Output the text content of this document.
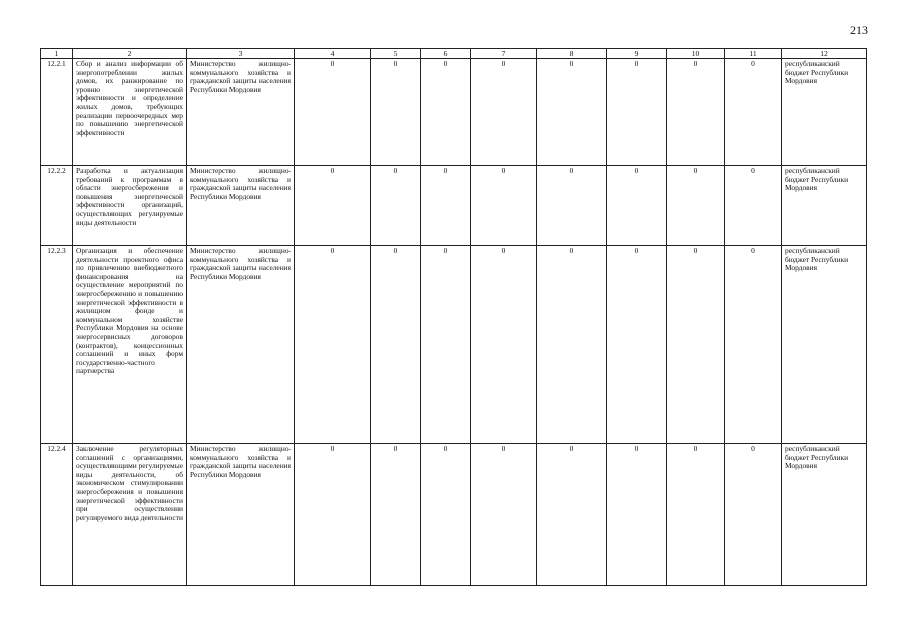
213
1	2	3	4	5	6	7	8	9	10	11	12
12.2.1	Сбор и анализ информации об энергопотреблении жилых домов, их ранжирование по уровню энергетической эффективности и определение жилых домов, требующих реализации первоочередных мер по повышению энергетической эффективности	Министерство жилищно-коммунального хозяйства и гражданской защиты населения Республики Мордовия	0	0	0	0	0	0	0	0	республиканский бюджет Республики Мордовия
12.2.2	Разработка и актуализация требований к программам в области энергосбережения и повышения энергетической эффективности организаций, осуществляющих регулируемые виды деятельности	Министерство жилищно-коммунального хозяйства и гражданской защиты населения Республики Мордовия	0	0	0	0	0	0	0	0	республиканский бюджет Республики Мордовия
12.2.3	Организация и обеспечение деятельности проектного офиса по привлечению внебюджетного финансирования на осуществление мероприятий по энергосбережению и повышению энергетической эффективности в жилищном фонде и коммунальном хозяйстве Республики Мордовия на основе энергосервисных договоров (контрактов), концессионных соглашений и иных форм государственно-частного партнерства	Министерство жилищно-коммунального хозяйства и гражданской защиты населения Республики Мордовия	0	0	0	0	0	0	0	0	республиканский бюджет Республики Мордовия
12.2.4	Заключение регуляторных соглашений с организациями, осуществляющими регулируемые виды деятельности, об экономическом стимулировании энергосбережения и повышения энергетической эффективности при осуществлении регулируемого вида деятельности	Министерство жилищно-коммунального хозяйства и гражданской защиты населения Республики Мордовия	0	0	0	0	0	0	0	0	республиканский бюджет Республики Мордовия
